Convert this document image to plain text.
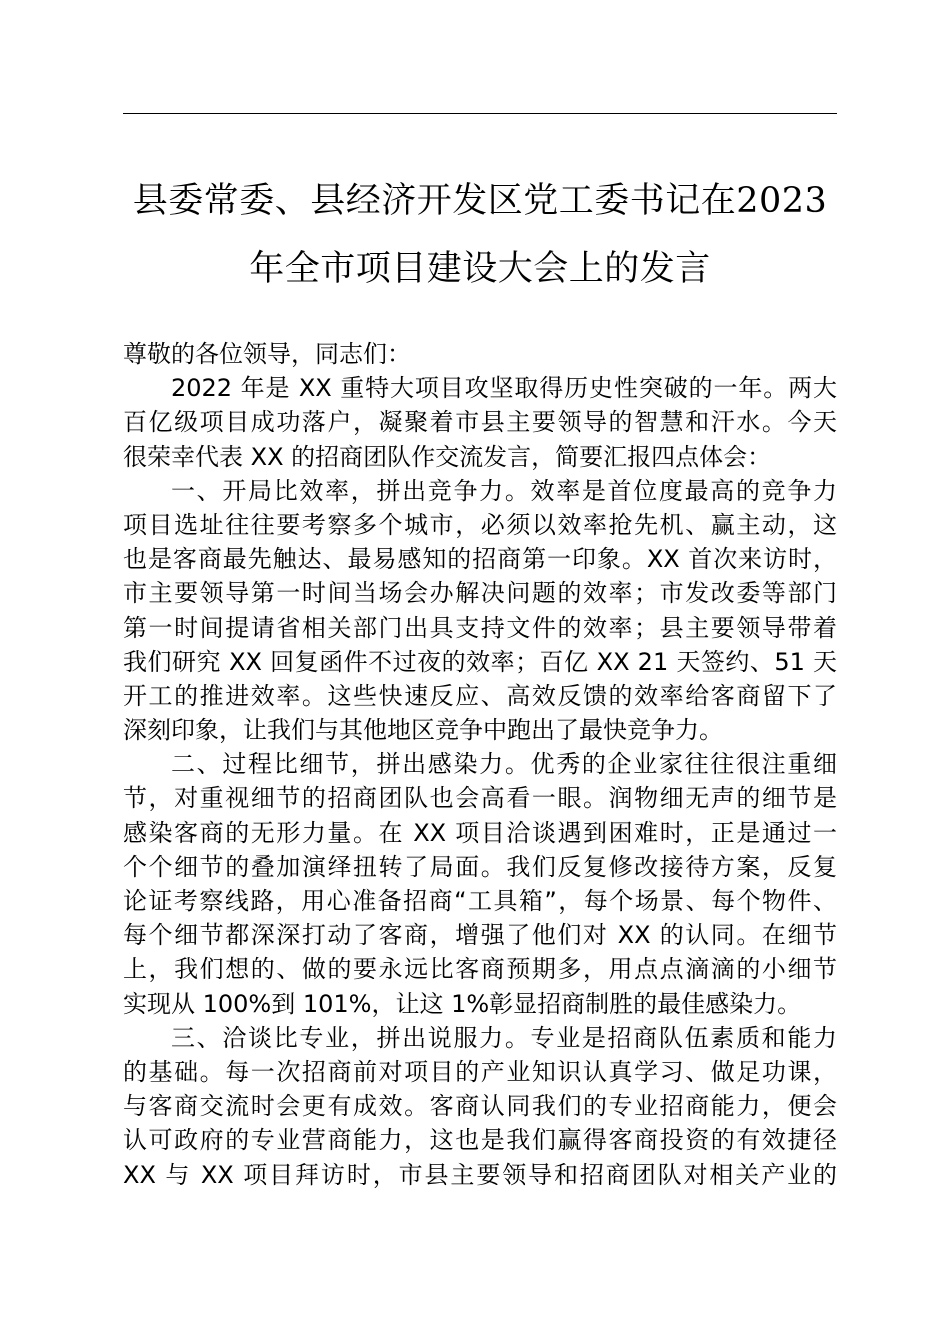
县委常委、县经济开发区党工委书记在2023
年全市项目建设大会上的发言
尊敬的各位领导，同志们：
2022 年是 XX 重特大项目攻坚取得历史性突破的一年。两大
百亿级项目成功落户，凝聚着市县主要领导的智慧和汗水。今天
很荣幸代表 XX 的招商团队作交流发言，简要汇报四点体会：
一、开局比效率，拼出竞争力。效率是首位度最高的竞争力
项目选址往往要考察多个城市，必须以效率抢先机、赢主动，这
也是客商最先触达、最易感知的招商第一印象。XX 首次来访时，
市主要领导第一时间当场会办解决问题的效率；市发改委等部门
第一时间提请省相关部门出具支持文件的效率；县主要领导带着
我们研究 XX 回复函件不过夜的效率；百亿 XX 21 天签约、51 天
开工的推进效率。这些快速反应、高效反馈的效率给客商留下了
深刻印象，让我们与其他地区竞争中跑出了最快竞争力。
二、过程比细节，拼出感染力。优秀的企业家往往很注重细
节，对重视细节的招商团队也会高看一眼。润物细无声的细节是
感染客商的无形力量。在 XX 项目洽谈遇到困难时，正是通过一
个个细节的叠加演绎扭转了局面。我们反复修改接待方案，反复
论证考察线路，用心准备招商“工具箱”，每个场景、每个物件、
每个细节都深深打动了客商，增强了他们对 XX 的认同。在细节
上，我们想的、做的要永远比客商预期多，用点点滴滴的小细节
实现从 100%到 101%，让这 1%彰显招商制胜的最佳感染力。
三、洽谈比专业，拼出说服力。专业是招商队伍素质和能力
的基础。每一次招商前对项目的产业知识认真学习、做足功课，
与客商交流时会更有成效。客商认同我们的专业招商能力，便会
认可政府的专业营商能力，这也是我们赢得客商投资的有效捷径
XX 与 XX 项目拜访时，市县主要领导和招商团队对相关产业的
